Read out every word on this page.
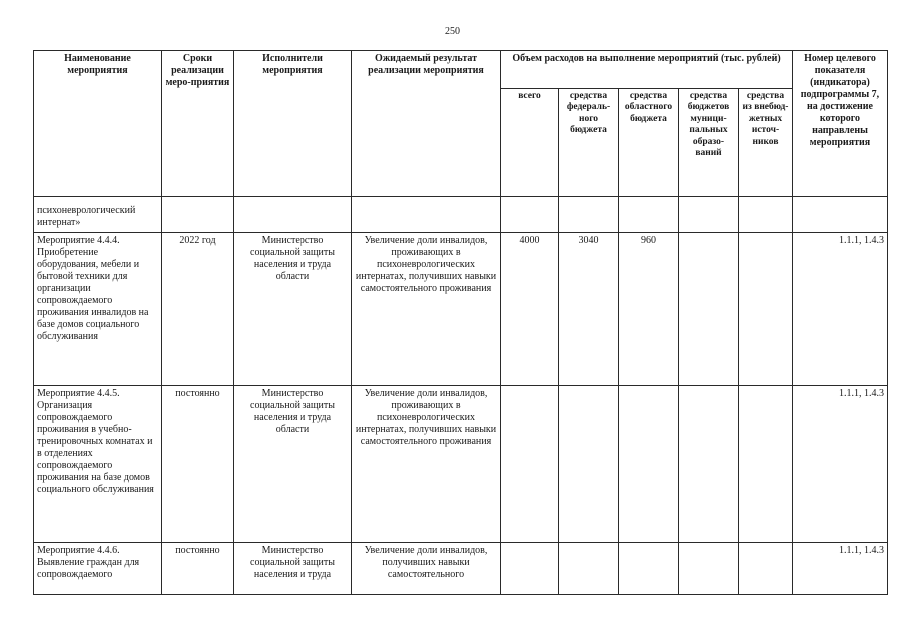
250
Наименование мероприятия	Сроки реализации меро-приятия	Исполнители мероприятия	Ожидаемый результат реализации мероприятия	Объем расходов на выполнение мероприятий (тыс. рублей)					Номер целевого показателя (индикатора) подпрограммы 7, на достижение которого направлены мероприятия
				всего	средства федераль-ного бюджета	средства областного бюджета	средства бюджетов муници-пальных образо-ваний	средства из внебюд-жетных источ-ников	
психоневрологический интернат»									
Мероприятие 4.4.4. Приобретение оборудования, мебели и бытовой техники для организации сопровождаемого проживания инвалидов на базе домов социального обслуживания	2022 год	Министерство социальной защиты населения и труда области	Увеличение доли инвалидов, проживающих в психоневрологических интернатах, получивших навыки самостоятельного проживания	4000	3040	960			1.1.1, 1.4.3
Мероприятие 4.4.5. Организация сопровождаемого проживания в учебно-тренировочных комнатах и в отделениях сопровождаемого проживания на базе домов социального обслуживания	постоянно	Министерство социальной защиты населения и труда области	Увеличение доли инвалидов, проживающих в психоневрологических интернатах, получивших навыки самостоятельного проживания						1.1.1, 1.4.3
Мероприятие 4.4.6. Выявление граждан для сопровождаемого	постоянно	Министерство социальной защиты населения и труда	Увеличение доли инвалидов, получивших навыки самостоятельного						1.1.1, 1.4.3
